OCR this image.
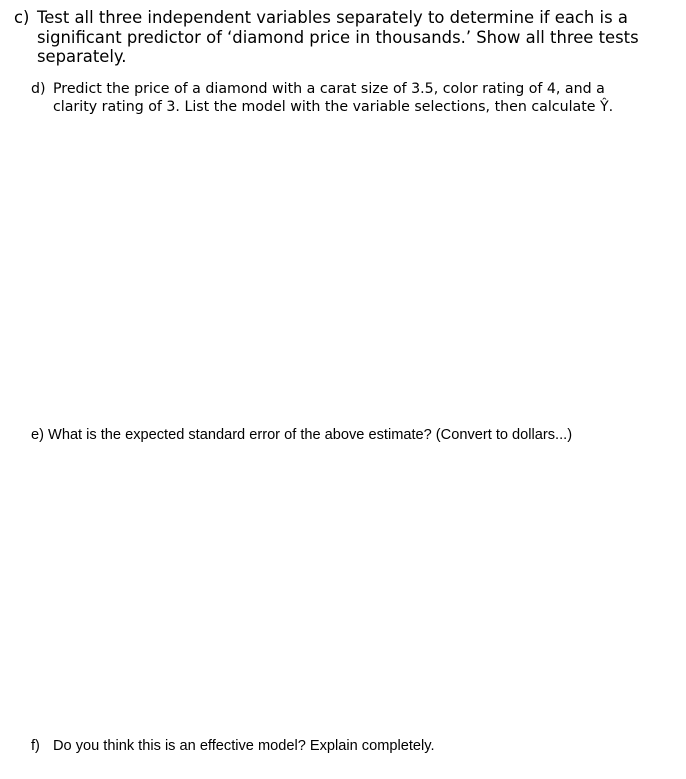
c) Test all three independent variables separately to determine if each is a significant predictor of ‘diamond price in thousands.’ Show all three tests separately.
d) Predict the price of a diamond with a carat size of 3.5, color rating of 4, and a clarity rating of 3. List the model with the variable selections, then calculate Ŷ.
e) What is the expected standard error of the above estimate? (Convert to dollars...)
f) Do you think this is an effective model? Explain completely.
